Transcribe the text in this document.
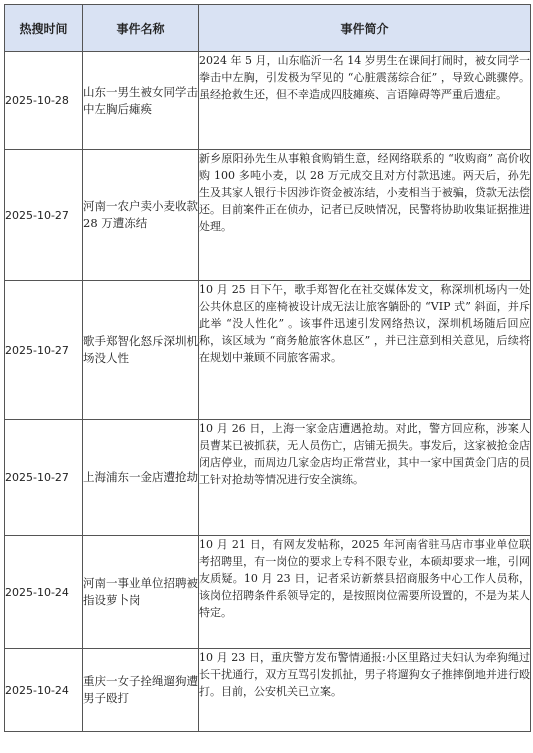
热搜时间	事件名称	事件简介
2025-10-28	山东一男生被女同学击中左胸后瘫痪	2024 年 5 月，山东临沂一名 14 岁男生在课间打闹时，被女同学一拳击中左胸，引发极为罕见的 “心脏震荡综合征” ，导致心跳骤停。虽经抢救生还，但不幸造成四肢瘫痪、言语障碍等严重后遗症。
2025-10-27	河南一农户卖小麦收款 28 万遭冻结	新乡原阳孙先生从事粮食购销生意，经网络联系的 “收购商” 高价收购 100 多吨小麦，以 28 万元成交且对方付款迅速。两天后，孙先生及其家人银行卡因涉诈资金被冻结，小麦相当于被骗，贷款无法偿还。目前案件正在侦办，记者已反映情况，民警将协助收集证据推进处理。
2025-10-27	歌手郑智化怒斥深圳机场没人性	10 月 25 日下午，歌手郑智化在社交媒体发文，称深圳机场内一处公共休息区的座椅被设计成无法让旅客躺卧的 “VIP 式” 斜面，并斥此举 “没人性化” 。该事件迅速引发网络热议，深圳机场随后回应称，该区域为 “商务舱旅客休息区” ，并已注意到相关意见，后续将在规划中兼顾不同旅客需求。
2025-10-27	上海浦东一金店遭抢劫	10 月 26 日，上海一家金店遭遇抢劫。对此，警方回应称，涉案人员曹某已被抓获，无人员伤亡，店铺无损失。事发后，这家被抢金店闭店停业，而周边几家金店均正常营业，其中一家中国黄金门店的员工针对抢劫等情况进行安全演练。
2025-10-24	河南一事业单位招聘被指设萝卜岗	10 月 21 日，有网友发帖称，2025 年河南省驻马店市事业单位联考招聘里，有一岗位的要求上专科不限专业，本硕却要求一堆，引网友质疑。10 月 23 日，记者采访新蔡县招商服务中心工作人员称，该岗位招聘条件系领导定的，是按照岗位需要所设置的，不是为某人特定。
2025-10-24	重庆一女子拴绳遛狗遭男子殴打	10 月 23 日，重庆警方发布警情通报:小区里路过夫妇认为牵狗绳过长干扰通行，双方互骂引发抓扯，男子将遛狗女子推摔倒地并进行殴打。目前，公安机关已立案。
